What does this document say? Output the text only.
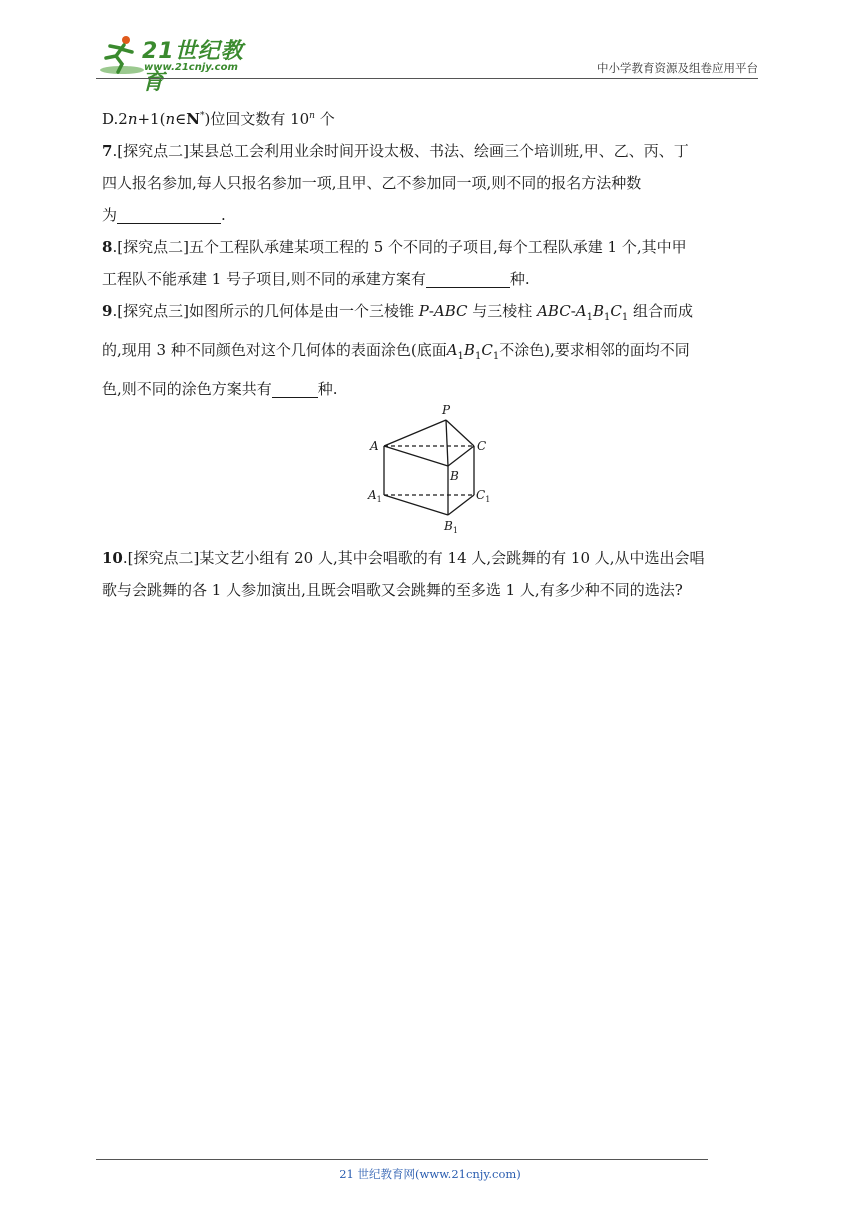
21世纪教育
www.21cnjy.com	中小学教育资源及组卷应用平台

D.2n+1(n∈N*)位回文数有 10$^n$ 个

7.[探究点二]某县总工会利用业余时间开设太极、书法、绘画三个培训班,甲、乙、丙、丁

四人报名参加,每人只报名参加一项,且甲、乙不参加同一项,则不同的报名方法种数

为	.

8.[探究点二]五个工程队承建某项工程的 5 个不同的子项目,每个工程队承建 1 个,其中甲

工程队不能承建 1 号子项目,则不同的承建方案有	种.

9.[探究点三]如图所示的几何体是由一个三棱锥 P-ABC 与三棱柱 ABC-$A_1B_1C_1$ 组合而成

的,现用 3 种不同颜色对这个几何体的表面涂色(底面$A_1B_1C_1$不涂色),要求相邻的面均不同

色,则不同的涂色方案共有	种.

P
A
B
C
$A_1$	$C_1$
$B_1$

10.[探究点二]某文艺小组有 20 人,其中会唱歌的有 14 人,会跳舞的有 10 人,从中选出会唱

歌与会跳舞的各 1 人参加演出,且既会唱歌又会跳舞的至多选 1 人,有多少种不同的选法?

21 世纪教育网(www.21cnjy.com)
